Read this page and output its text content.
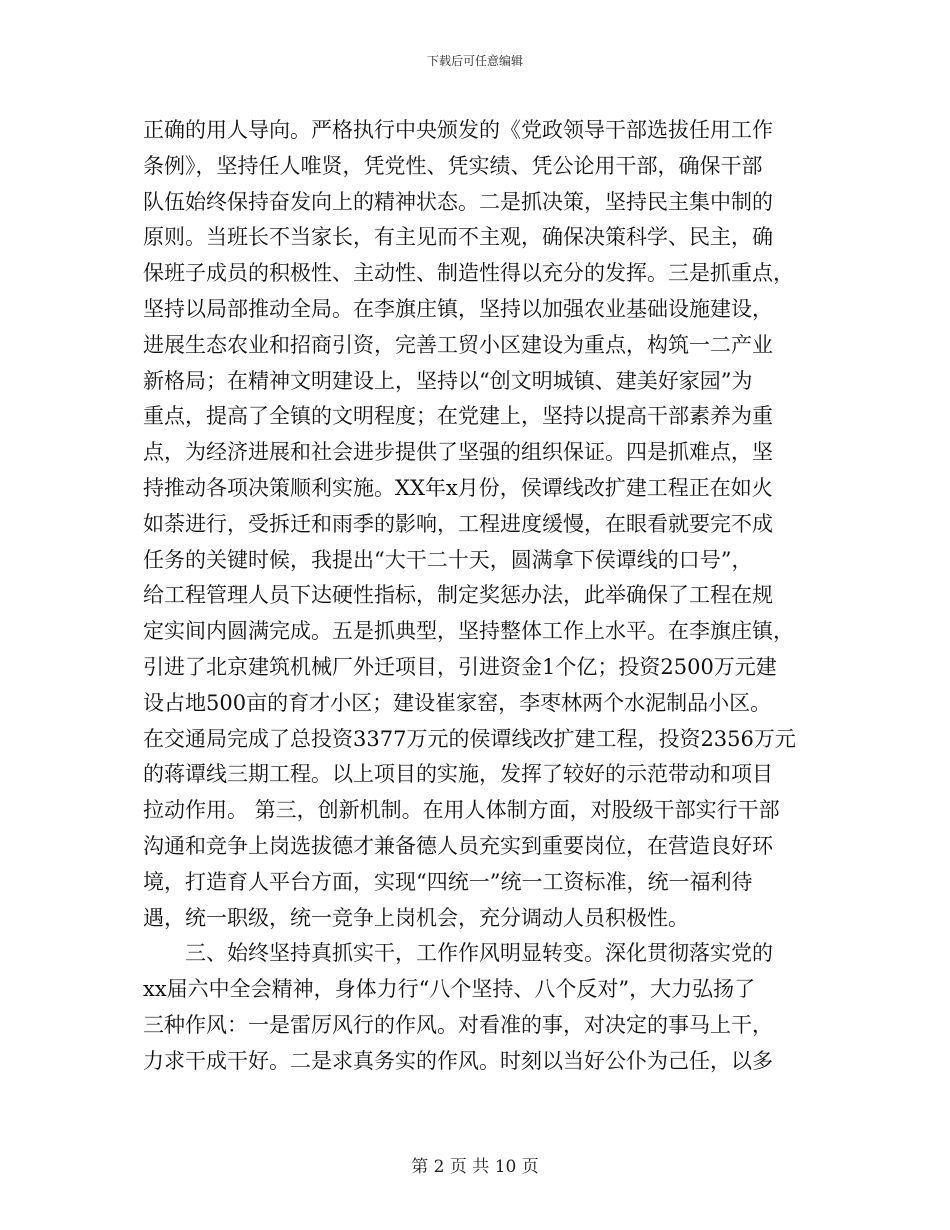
下载后可任意编辑
正确的用人导向。严格执行中央颁发的《党政领导干部选拔任用工作
条例》，坚持任人唯贤，凭党性、凭实绩、凭公论用干部，确保干部
队伍始终保持奋发向上的精神状态。二是抓决策，坚持民主集中制的
原则。当班长不当家长，有主见而不主观，确保决策科学、民主，确
保班子成员的积极性、主动性、制造性得以充分的发挥。三是抓重点，
坚持以局部推动全局。在李旗庄镇，坚持以加强农业基础设施建设，
进展生态农业和招商引资，完善工贸小区建设为重点，构筑一二产业
新格局；在精神文明建设上，坚持以“创文明城镇、建美好家园”为
重点，提高了全镇的文明程度；在党建上，坚持以提高干部素养为重
点，为经济进展和社会进步提供了坚强的组织保证。四是抓难点，坚
持推动各项决策顺利实施。XX年x月份，侯谭线改扩建工程正在如火
如荼进行，受拆迁和雨季的影响，工程进度缓慢，在眼看就要完不成
任务的关键时候，我提出“大干二十天，圆满拿下侯谭线的口号”，
给工程管理人员下达硬性指标，制定奖惩办法，此举确保了工程在规
定实间内圆满完成。五是抓典型，坚持整体工作上水平。在李旗庄镇，
引进了北京建筑机械厂外迁项目，引进资金1个亿；投资2500万元建
设占地500亩的育才小区；建设崔家窑，李枣林两个水泥制品小区。
在交通局完成了总投资3377万元的侯谭线改扩建工程，投资2356万元
的蒋谭线三期工程。以上项目的实施，发挥了较好的示范带动和项目
拉动作用。 第三，创新机制。在用人体制方面，对股级干部实行干部
沟通和竞争上岗选拔德才兼备德人员充实到重要岗位，在营造良好环
境，打造育人平台方面，实现“四统一”统一工资标准，统一福利待
遇，统一职级，统一竞争上岗机会，充分调动人员积极性。
三、始终坚持真抓实干，工作作风明显转变。深化贯彻落实党的
xx届六中全会精神，身体力行“八个坚持、八个反对”，大力弘扬了
三种作风：一是雷厉风行的作风。对看准的事，对决定的事马上干，
力求干成干好。二是求真务实的作风。时刻以当好公仆为己任，以多
第 2 页 共 10 页
